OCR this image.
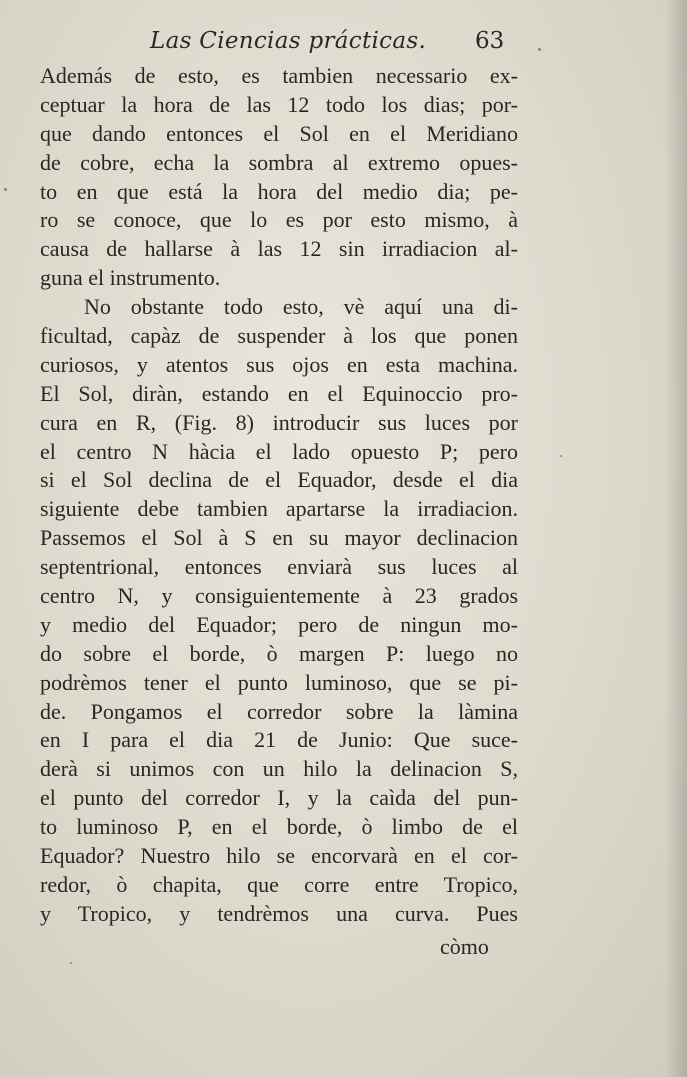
Las Ciencias prácticas. 63
Además de esto, es tambien necessario ex-
ceptuar la hora de las 12 todo los dias; por-
que dando entonces el Sol en el Meridiano
de cobre, echa la sombra al extremo opues-
to en que está la hora del medio dia; pe-
ro se conoce, que lo es por esto mismo, à
causa de hallarse à las 12 sin irradiacion al-
guna el instrumento.
No obstante todo esto, vè aquí una di-
ficultad, capàz de suspender à los que ponen
curiosos, y atentos sus ojos en esta machina.
El Sol, diràn, estando en el Equinoccio pro-
cura en R, (Fig. 8) introducir sus luces por
el centro N hàcia el lado opuesto P; pero
si el Sol declina de el Equador, desde el dia
siguiente debe tambien apartarse la irradiacion.
Passemos el Sol à S en su mayor declinacion
septentrional, entonces enviarà sus luces al
centro N, y consiguientemente à 23 grados
y medio del Equador; pero de ningun mo-
do sobre el borde, ò margen P: luego no
podrèmos tener el punto luminoso, que se pi-
de. Pongamos el corredor sobre la làmina
en I para el dia 21 de Junio: Que suce-
derà si unimos con un hilo la delinacion S,
el punto del corredor I, y la caìda del pun-
to luminoso P, en el borde, ò limbo de el
Equador? Nuestro hilo se encorvarà en el cor-
redor, ò chapita, que corre entre Tropico,
y Tropico, y tendrèmos una curva. Pues
còmo
